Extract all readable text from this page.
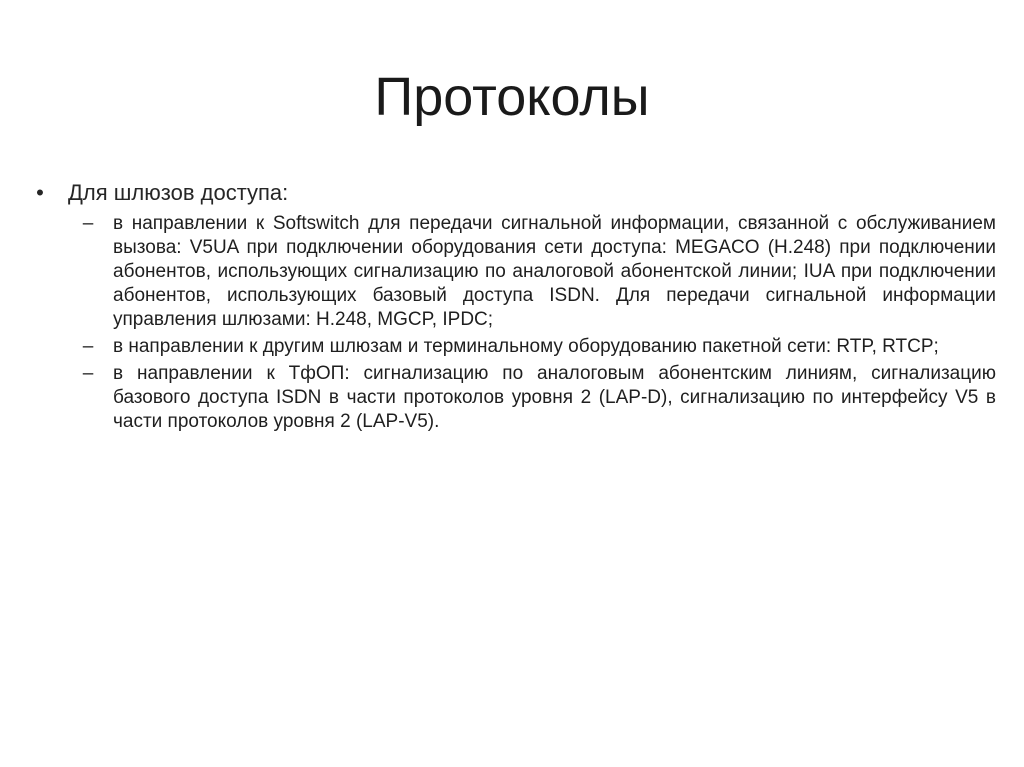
Протоколы
• Для шлюзов доступа:
– в направлении к Softswitch для передачи сигнальной информации, связанной с обслуживанием вызова: V5UA при подключении оборудования сети доступа: MEGACO (H.248) при подключении абонентов, использующих сигнализацию по аналоговой абонентской линии; IUA при подключении абонентов, использующих базовый доступа ISDN. Для передачи сигнальной информации управления шлюзами: H.248, MGCP, IPDC;
– в направлении к другим шлюзам и терминальному оборудованию пакетной сети: RTP, RTCP;
– в направлении к ТфОП: сигнализацию по аналоговым абонентским линиям, сигнализацию базового доступа ISDN в части протоколов уровня 2 (LAP-D), сигнализацию по интерфейсу V5 в части протоколов уровня 2 (LAP-V5).
